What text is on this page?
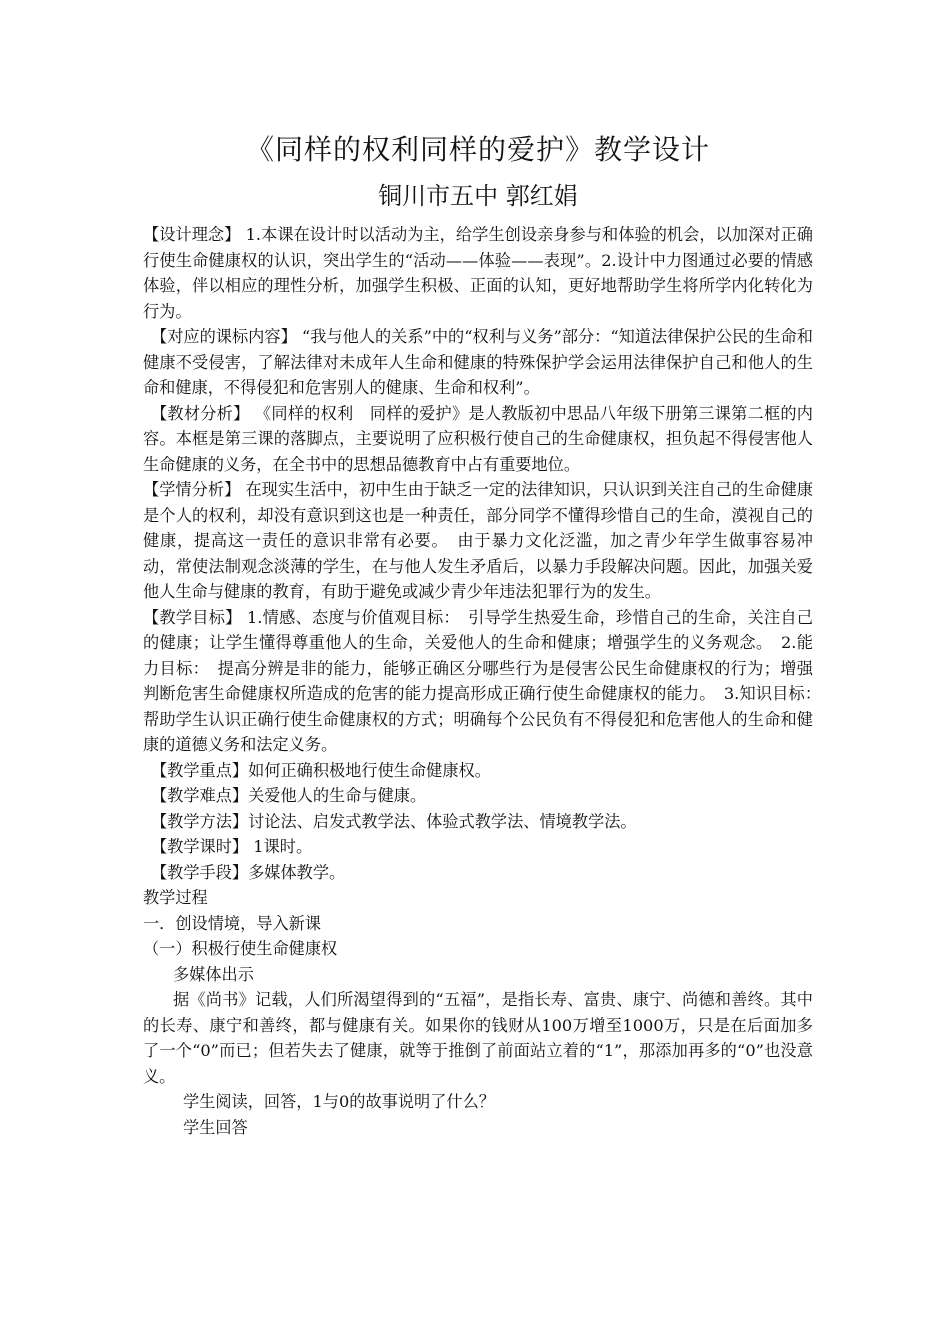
《同样的权利同样的爱护》教学设计
铜川市五中 郭红娟

【设计理念】 1.本课在设计时以活动为主，给学生创设亲身参与和体验的机会，以加深对正确行使生命健康权的认识，突出学生的“活动——体验——表现”。2.设计中力图通过必要的情感体验，伴以相应的理性分析，加强学生积极、正面的认知，更好地帮助学生将所学内化转化为行为。

【对应的课标内容】 “我与他人的关系”中的“权利与义务”部分：“知道法律保护公民的生命和健康不受侵害，了解法律对未成年人生命和健康的特殊保护学会运用法律保护自己和他人的生命和健康，不得侵犯和危害别人的健康、生命和权利”。

【教材分析】 《同样的权利　同样的爱护》是人教版初中思品八年级下册第三课第二框的内容。本框是第三课的落脚点，主要说明了应积极行使自己的生命健康权，担负起不得侵害他人生命健康的义务，在全书中的思想品德教育中占有重要地位。

【学情分析】 在现实生活中，初中生由于缺乏一定的法律知识，只认识到关注自己的生命健康是个人的权利，却没有意识到这也是一种责任，部分同学不懂得珍惜自己的生命，漠视自己的健康，提高这一责任的意识非常有必要。　由于暴力文化泛滥，加之青少年学生做事容易冲动，常使法制观念淡薄的学生，在与他人发生矛盾后，以暴力手段解决问题。因此，加强关爱他人生命与健康的教育，有助于避免或减少青少年违法犯罪行为的发生。

【教学目标】 1.情感、态度与价值观目标：　引导学生热爱生命，珍惜自己的生命，关注自己的健康；让学生懂得尊重他人的生命，关爱他人的生命和健康；增强学生的义务观念。　2.能力目标：　提高分辨是非的能力，能够正确区分哪些行为是侵害公民生命健康权的行为；增强判断危害生命健康权所造成的危害的能力提高形成正确行使生命健康权的能力。　3.知识目标：　帮助学生认识正确行使生命健康权的方式；明确每个公民负有不得侵犯和危害他人的生命和健康的道德义务和法定义务。

【教学重点】如何正确积极地行使生命健康权。

【教学难点】关爱他人的生命与健康。

【教学方法】讨论法、启发式教学法、体验式教学法、情境教学法。

【教学课时】 1课时。

【教学手段】多媒体教学。

教学过程

一．创设情境，导入新课

（一）积极行使生命健康权

多媒体出示

据《尚书》记载，人们所渴望得到的“五福”，是指长寿、富贵、康宁、尚德和善终。其中的长寿、康宁和善终，都与健康有关。如果你的钱财从100万增至1000万，只是在后面加多了一个“0”而已；但若失去了健康，就等于推倒了前面站立着的“1”，那添加再多的“0”也没意义。

学生阅读，回答，1与0的故事说明了什么？

学生回答
